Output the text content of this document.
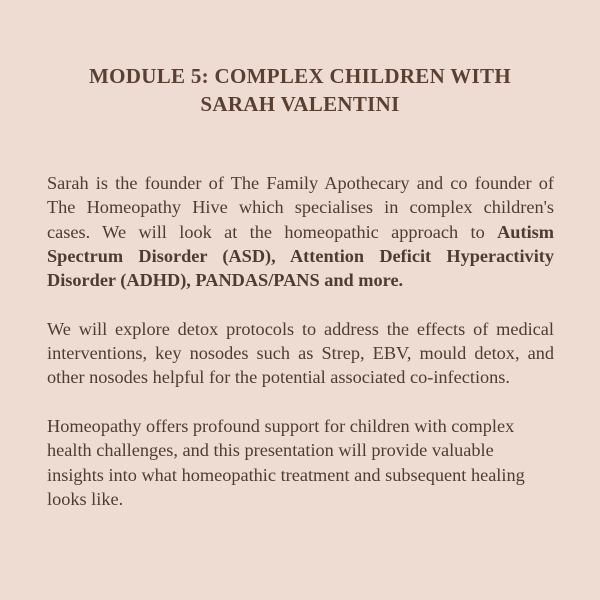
MODULE 5: COMPLEX CHILDREN WITH
SARAH VALENTINI

Sarah is the founder of The Family Apothecary and co founder of The Homeopathy Hive which specialises in complex children's cases. We will look at the homeopathic approach to Autism Spectrum Disorder (ASD), Attention Deficit Hyperactivity Disorder (ADHD), PANDAS/PANS and more.

We will explore detox protocols to address the effects of medical interventions, key nosodes such as Strep, EBV, mould detox, and other nosodes helpful for the potential associated co-infections.

Homeopathy offers profound support for children with complex health challenges, and this presentation will provide valuable insights into what homeopathic treatment and subsequent healing looks like.
